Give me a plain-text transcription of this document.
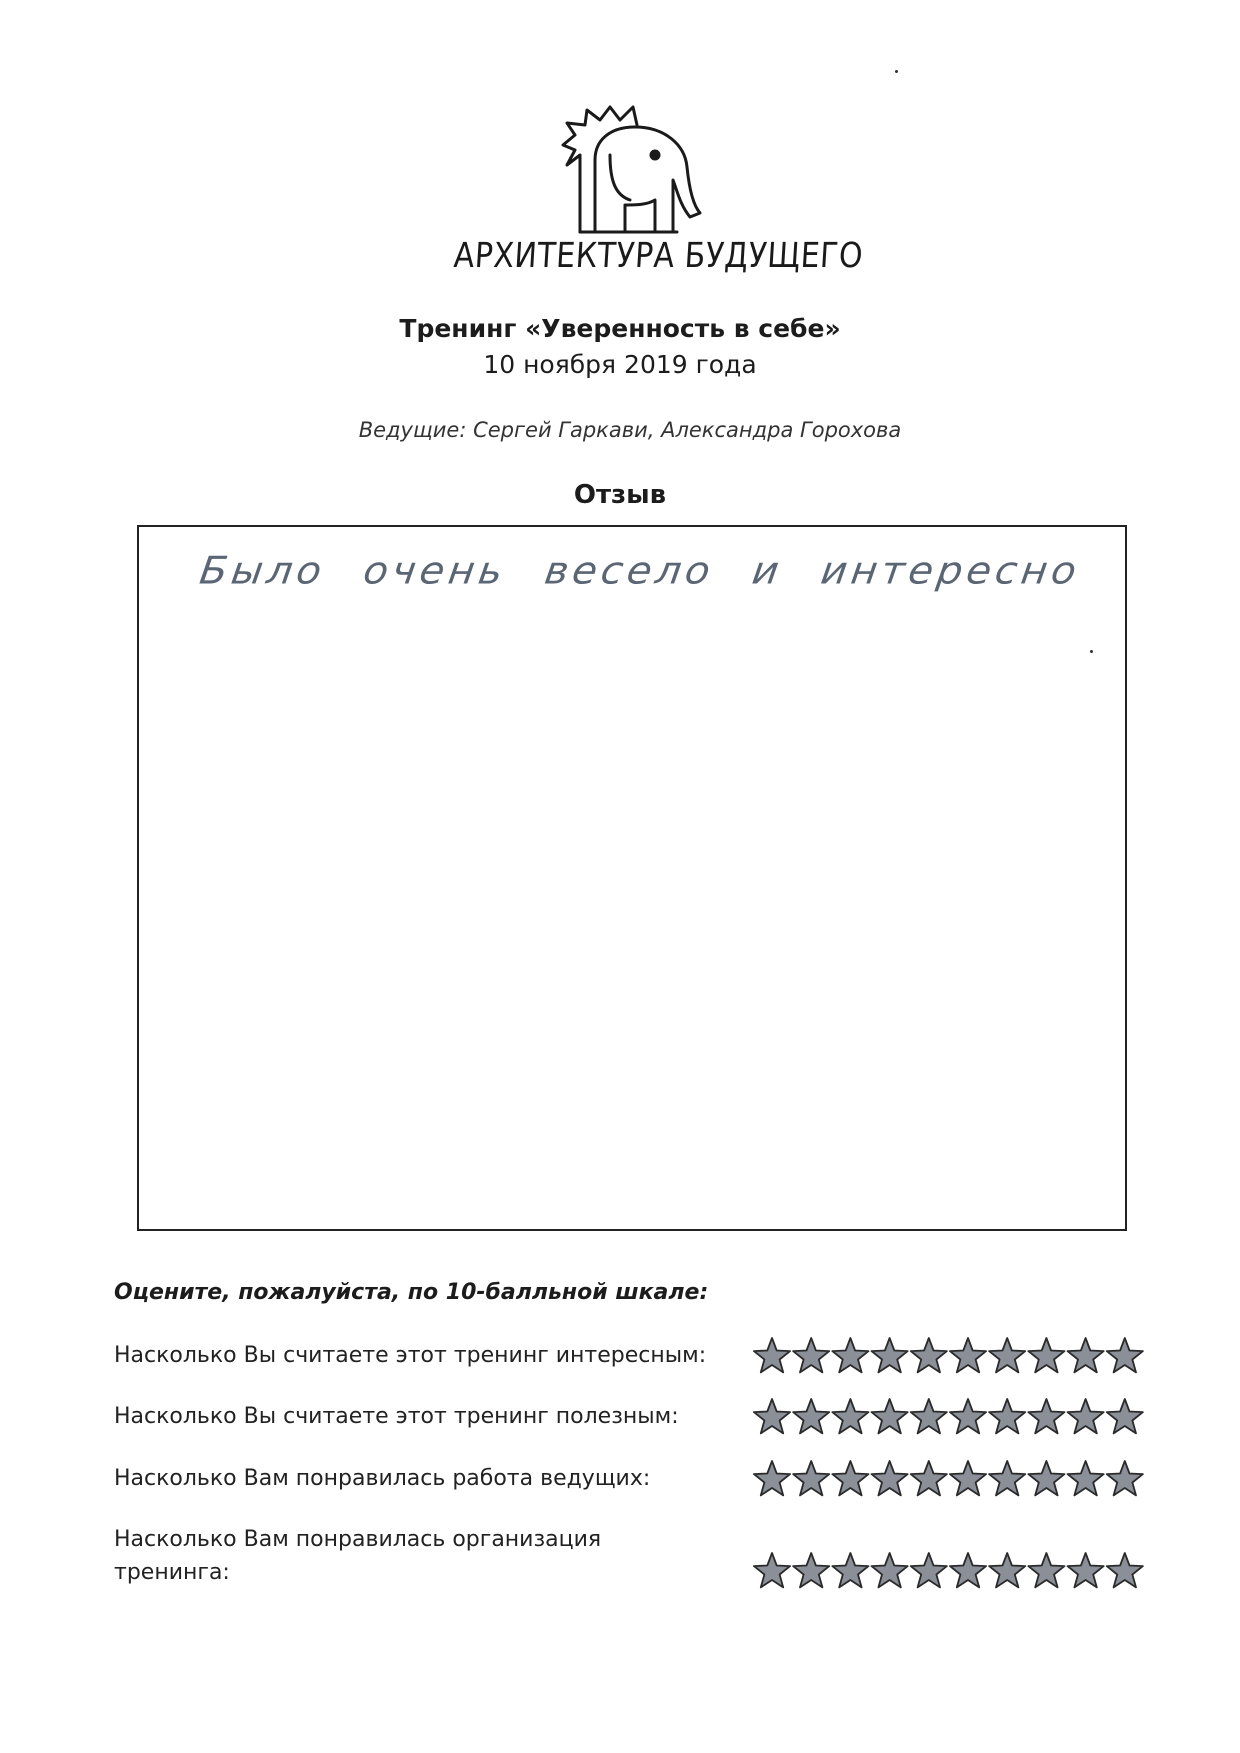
АРХИТЕКТУРА БУДУЩЕГО
Тренинг «Уверенность в себе»
10 ноября 2019 года
Ведущие: Сергей Гаркави, Александра Горохова
Отзыв
Было очень весело и интересно
Оцените, пожалуйста, по 10-балльной шкале:
Насколько Вы считаете этот тренинг интересным:
Насколько Вы считаете этот тренинг полезным:
Насколько Вам понравилась работа ведущих:
Насколько Вам понравилась организация
тренинга:
